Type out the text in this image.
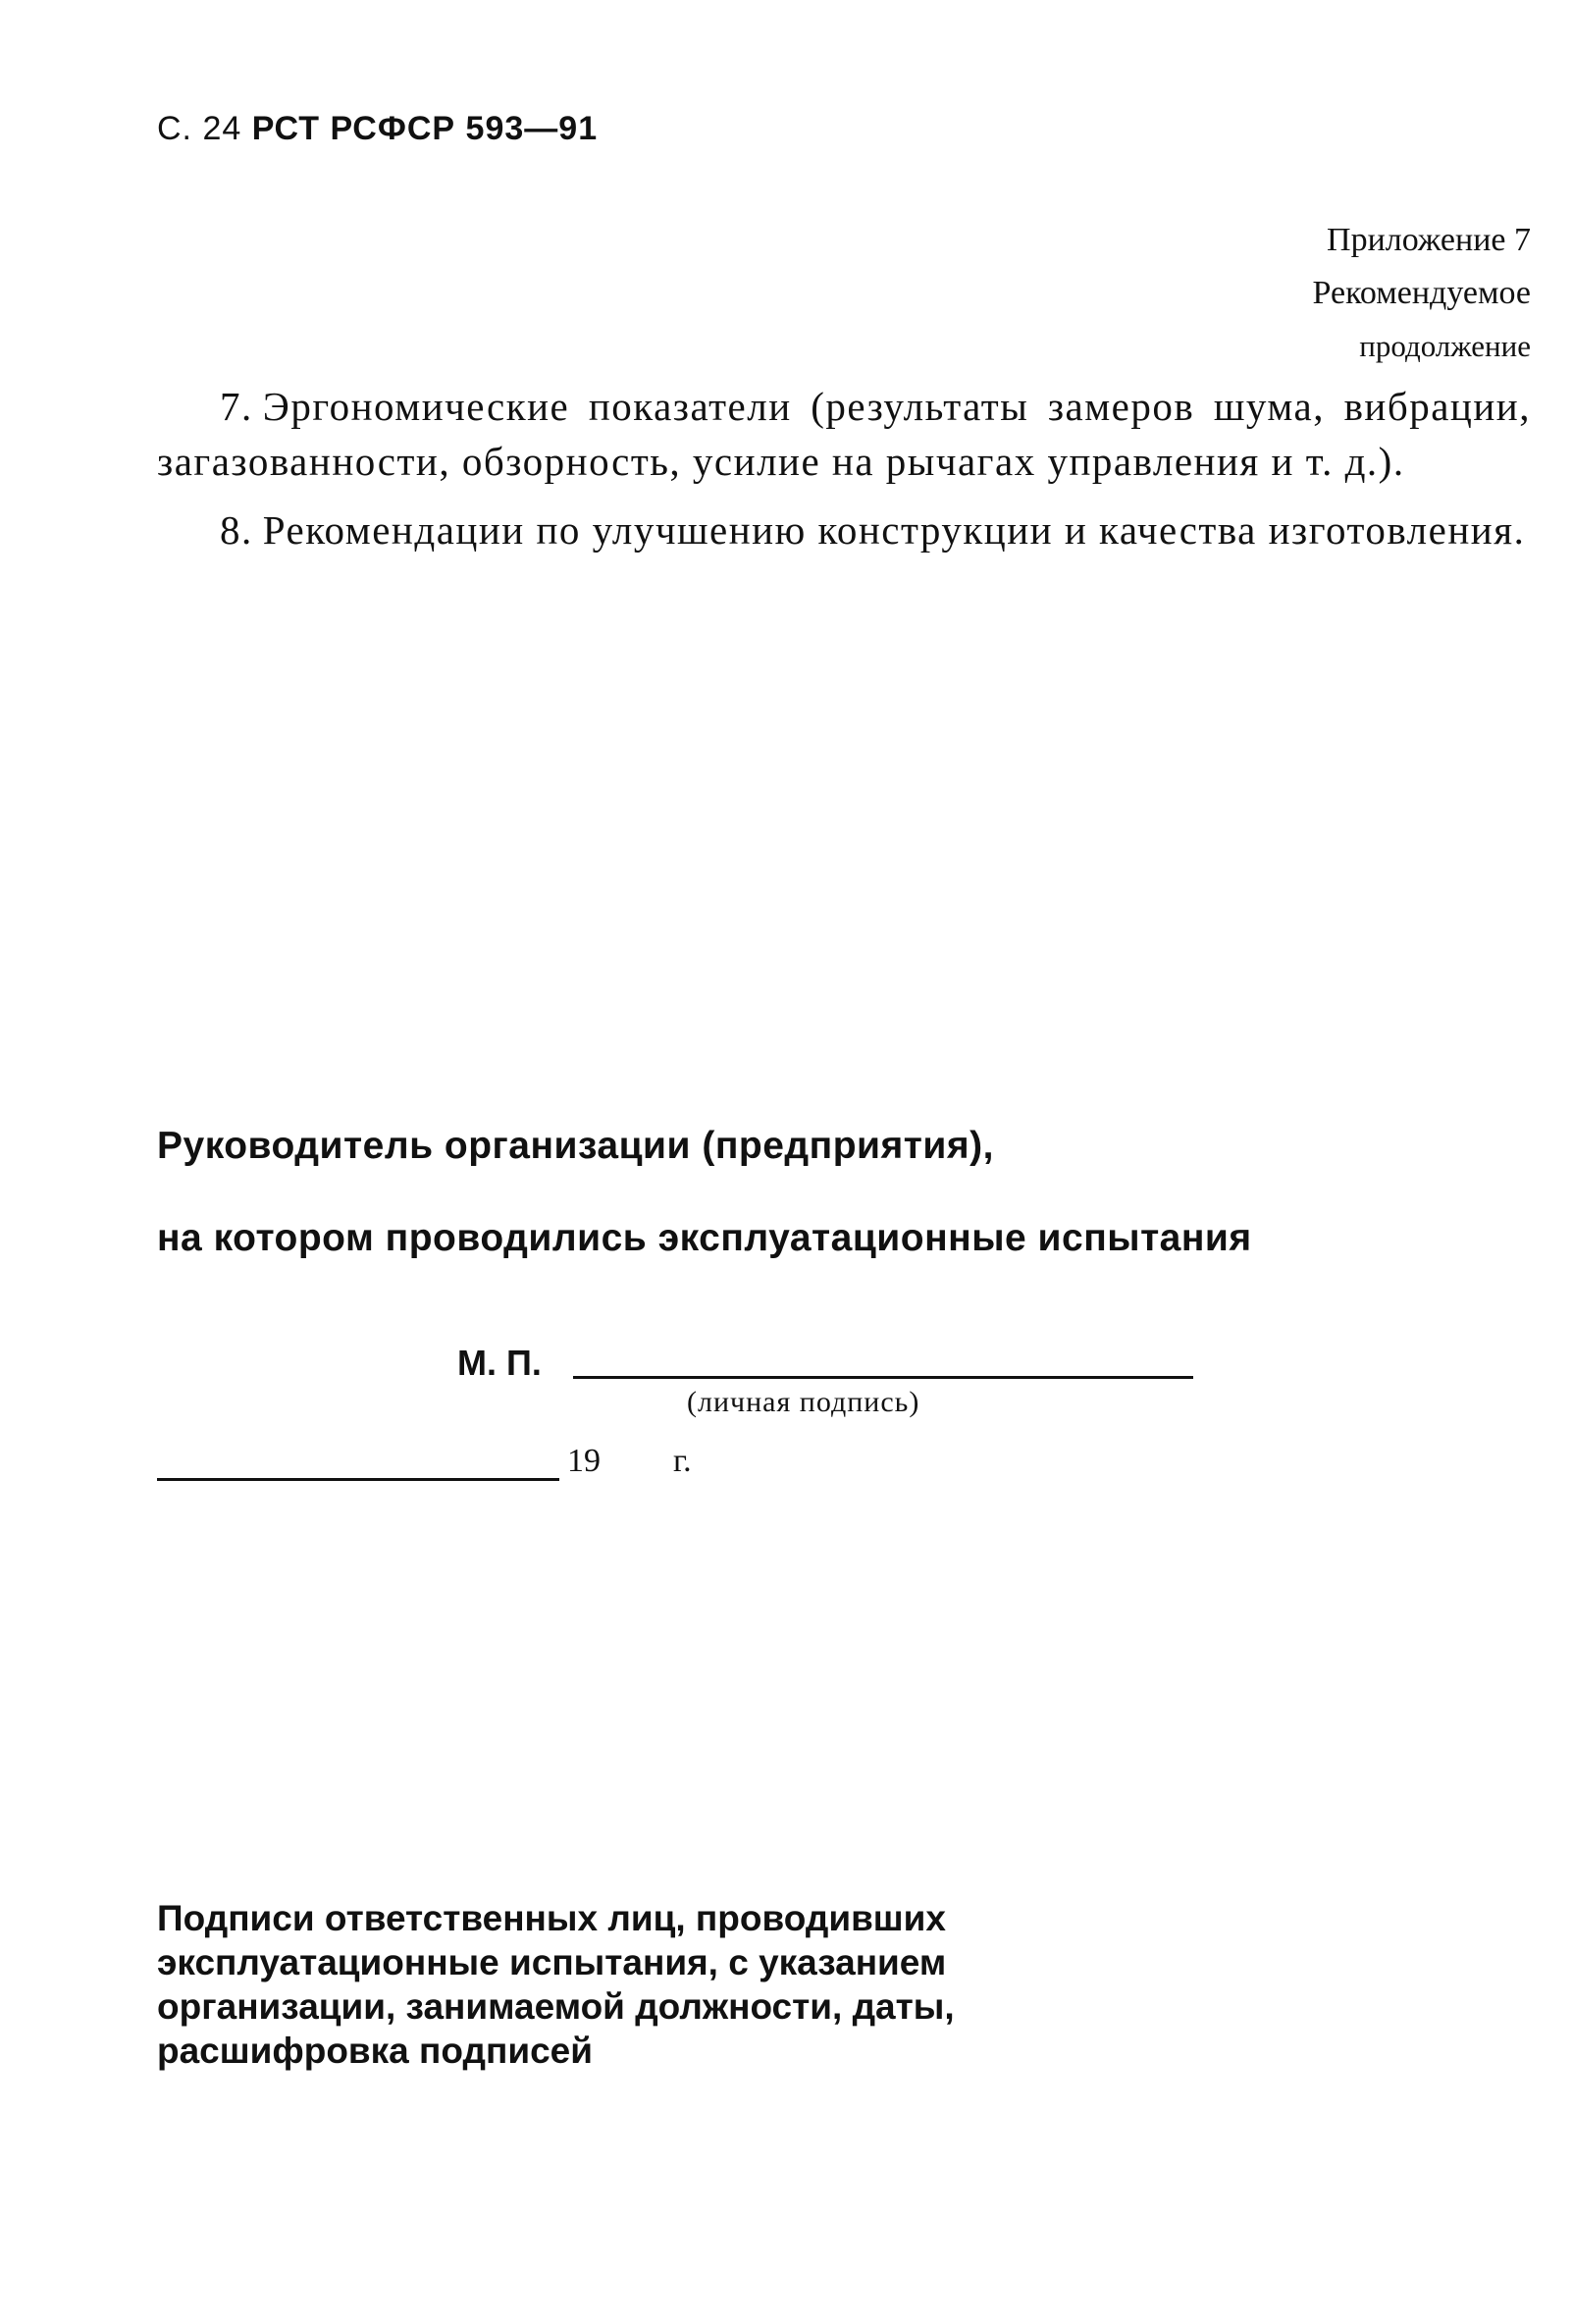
С. 24 РСТ РСФСР 593—91
Приложение 7
Рекомендуемое
продолжение

7. Эргономические показатели (результаты замеров шума, вибрации, загазованности, обзорность, усилие на рычагах управления и т. д.).

8. Рекомендации по улучшению конструкции и качества изготовления.

Руководитель организации (предприятия),
на котором проводились эксплуатационные испытания
М. П.
(личная подпись)
19 г.
Подписи ответственных лиц, проводивших
эксплуатационные испытания, с указанием
организации, занимаемой должности, даты,
расшифровка подписей
